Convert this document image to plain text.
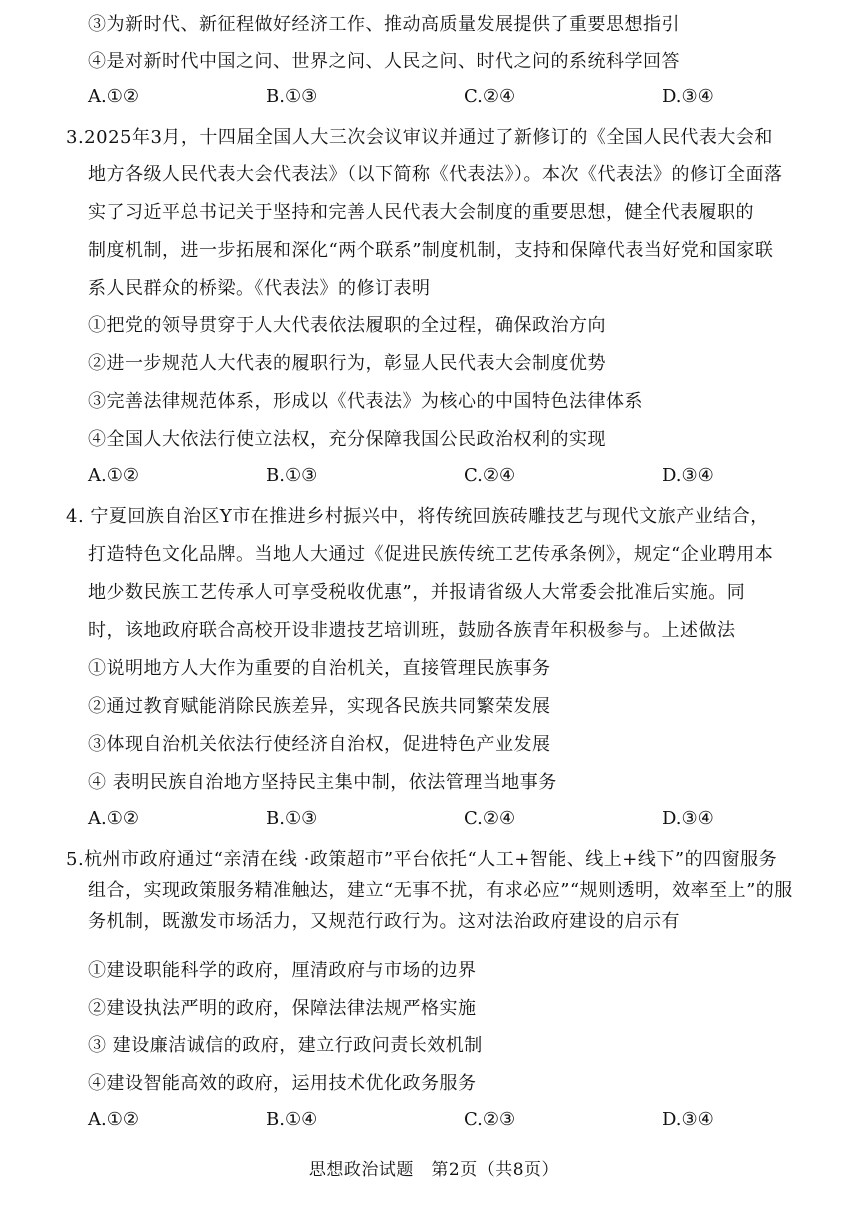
③为新时代、新征程做好经济工作、推动高质量发展提供了重要思想指引
④是对新时代中国之问、世界之问、人民之问、时代之问的系统科学回答
A.①②	B.①③	C.②④	D.③④
3.2025年3月，十四届全国人大三次会议审议并通过了新修订的《全国人民代表大会和
地方各级人民代表大会代表法》（以下简称《代表法》）。本次《代表法》的修订全面落
实了习近平总书记关于坚持和完善人民代表大会制度的重要思想，健全代表履职的
制度机制，进一步拓展和深化“两个联系”制度机制，支持和保障代表当好党和国家联
系人民群众的桥梁。《代表法》的修订表明
①把党的领导贯穿于人大代表依法履职的全过程，确保政治方向
②进一步规范人大代表的履职行为，彰显人民代表大会制度优势
③完善法律规范体系，形成以《代表法》为核心的中国特色法律体系
④全国人大依法行使立法权，充分保障我国公民政治权利的实现
A.①②	B.①③	C.②④	D.③④
4. 宁夏回族自治区Y市在推进乡村振兴中，将传统回族砖雕技艺与现代文旅产业结合，
打造特色文化品牌。当地人大通过《促进民族传统工艺传承条例》，规定“企业聘用本
地少数民族工艺传承人可享受税收优惠”，并报请省级人大常委会批准后实施。同
时，该地政府联合高校开设非遗技艺培训班，鼓励各族青年积极参与。上述做法
①说明地方人大作为重要的自治机关，直接管理民族事务
②通过教育赋能消除民族差异，实现各民族共同繁荣发展
③体现自治机关依法行使经济自治权，促进特色产业发展
④ 表明民族自治地方坚持民主集中制，依法管理当地事务
A.①②	B.①③	C.②④	D.③④
5.杭州市政府通过“亲清在线 ·政策超市”平台依托“人工+智能、线上+线下”的四窗服务
组合，实现政策服务精准触达，建立“无事不扰，有求必应”“规则透明，效率至上”的服
务机制，既激发市场活力，又规范行政行为。这对法治政府建设的启示有
①建设职能科学的政府，厘清政府与市场的边界
②建设执法严明的政府，保障法律法规严格实施
③ 建设廉洁诚信的政府，建立行政问责长效机制
④建设智能高效的政府，运用技术优化政务服务
A.①②	B.①④	C.②③	D.③④
思想政治试题　第2页（共8页）
